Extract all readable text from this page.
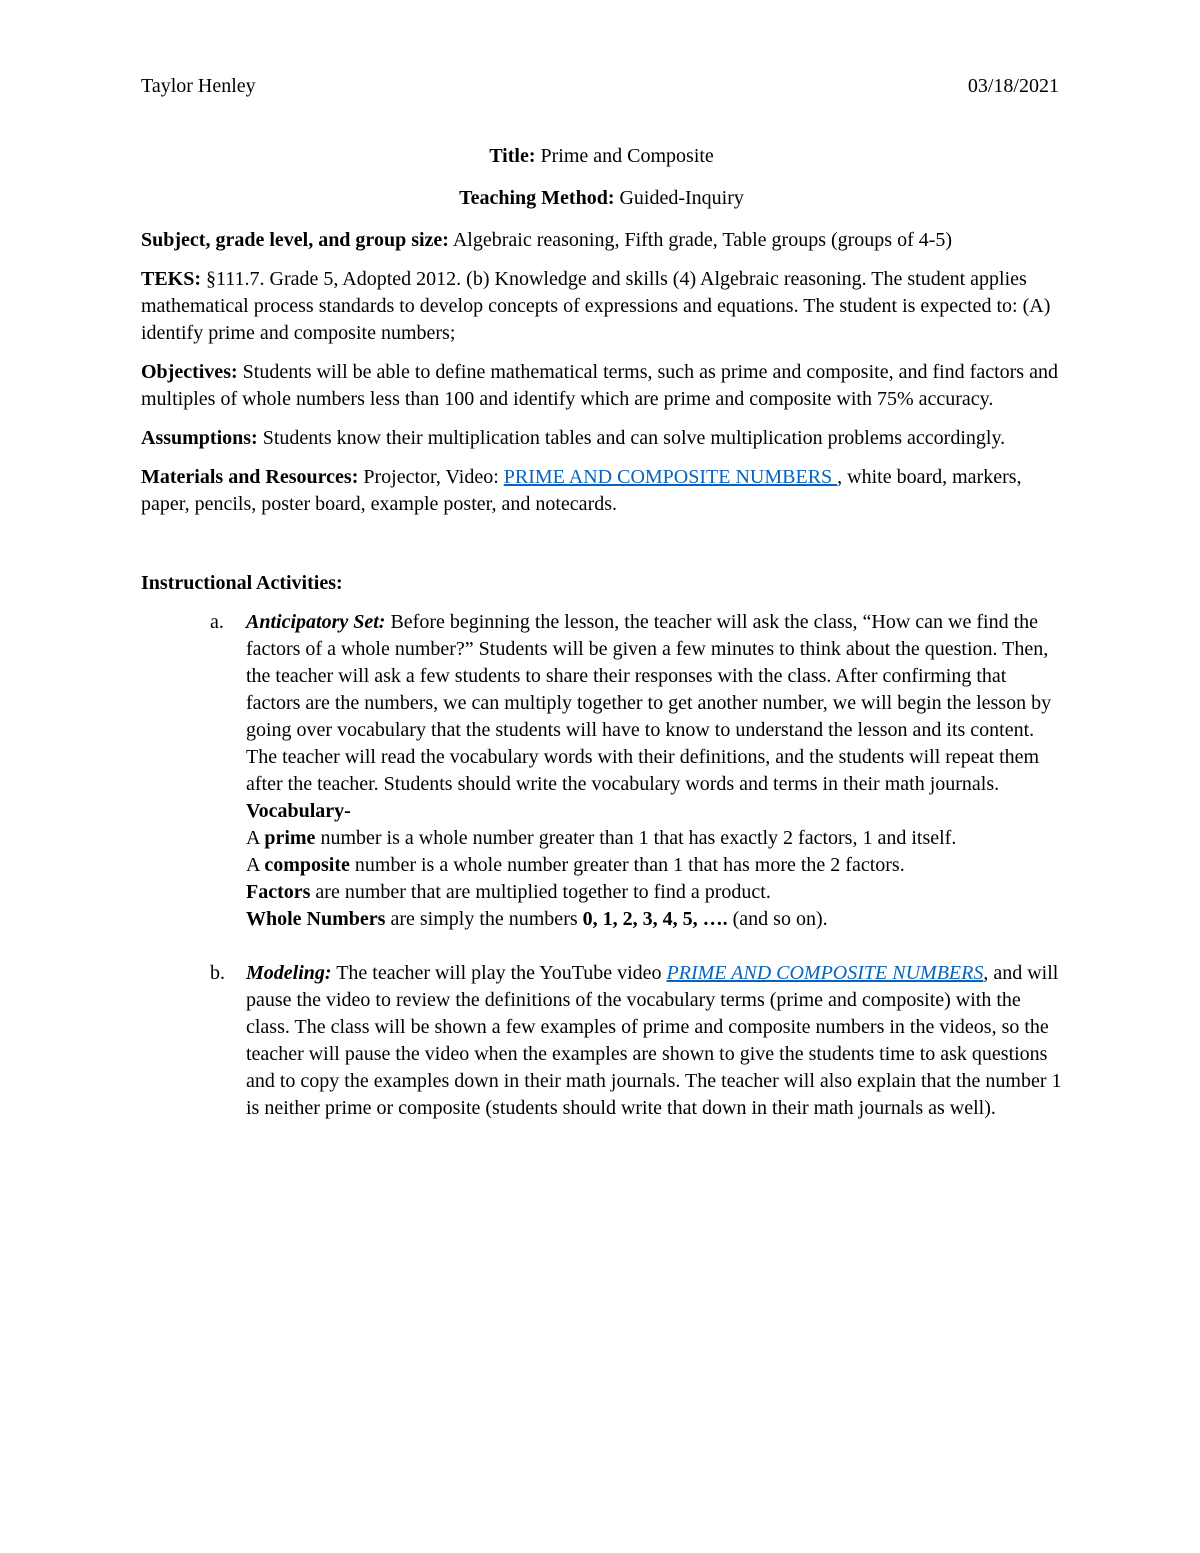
Taylor Henley	03/18/2021

Title: Prime and Composite

Teaching Method: Guided-Inquiry

Subject, grade level, and group size: Algebraic reasoning, Fifth grade, Table groups (groups of 4-5)

TEKS: §111.7. Grade 5, Adopted 2012. (b) Knowledge and skills (4) Algebraic reasoning. The student applies mathematical process standards to develop concepts of expressions and equations. The student is expected to: (A) identify prime and composite numbers;

Objectives: Students will be able to define mathematical terms, such as prime and composite, and find factors and multiples of whole numbers less than 100 and identify which are prime and composite with 75% accuracy.

Assumptions: Students know their multiplication tables and can solve multiplication problems accordingly.

Materials and Resources: Projector, Video: PRIME AND COMPOSITE NUMBERS , white board, markers, paper, pencils, poster board, example poster, and notecards.

Instructional Activities:

a. Anticipatory Set: Before beginning the lesson, the teacher will ask the class, “How can we find the factors of a whole number?” Students will be given a few minutes to think about the question. Then, the teacher will ask a few students to share their responses with the class. After confirming that factors are the numbers, we can multiply together to get another number, we will begin the lesson by going over vocabulary that the students will have to know to understand the lesson and its content. The teacher will read the vocabulary words with their definitions, and the students will repeat them after the teacher. Students should write the vocabulary words and terms in their math journals.
Vocabulary-
A prime number is a whole number greater than 1 that has exactly 2 factors, 1 and itself.
A composite number is a whole number greater than 1 that has more the 2 factors.
Factors are number that are multiplied together to find a product.
Whole Numbers are simply the numbers 0, 1, 2, 3, 4, 5, …. (and so on).
b. Modeling: The teacher will play the YouTube video PRIME AND COMPOSITE NUMBERS, and will pause the video to review the definitions of the vocabulary terms (prime and composite) with the class. The class will be shown a few examples of prime and composite numbers in the videos, so the teacher will pause the video when the examples are shown to give the students time to ask questions and to copy the examples down in their math journals. The teacher will also explain that the number 1 is neither prime or composite (students should write that down in their math journals as well).
